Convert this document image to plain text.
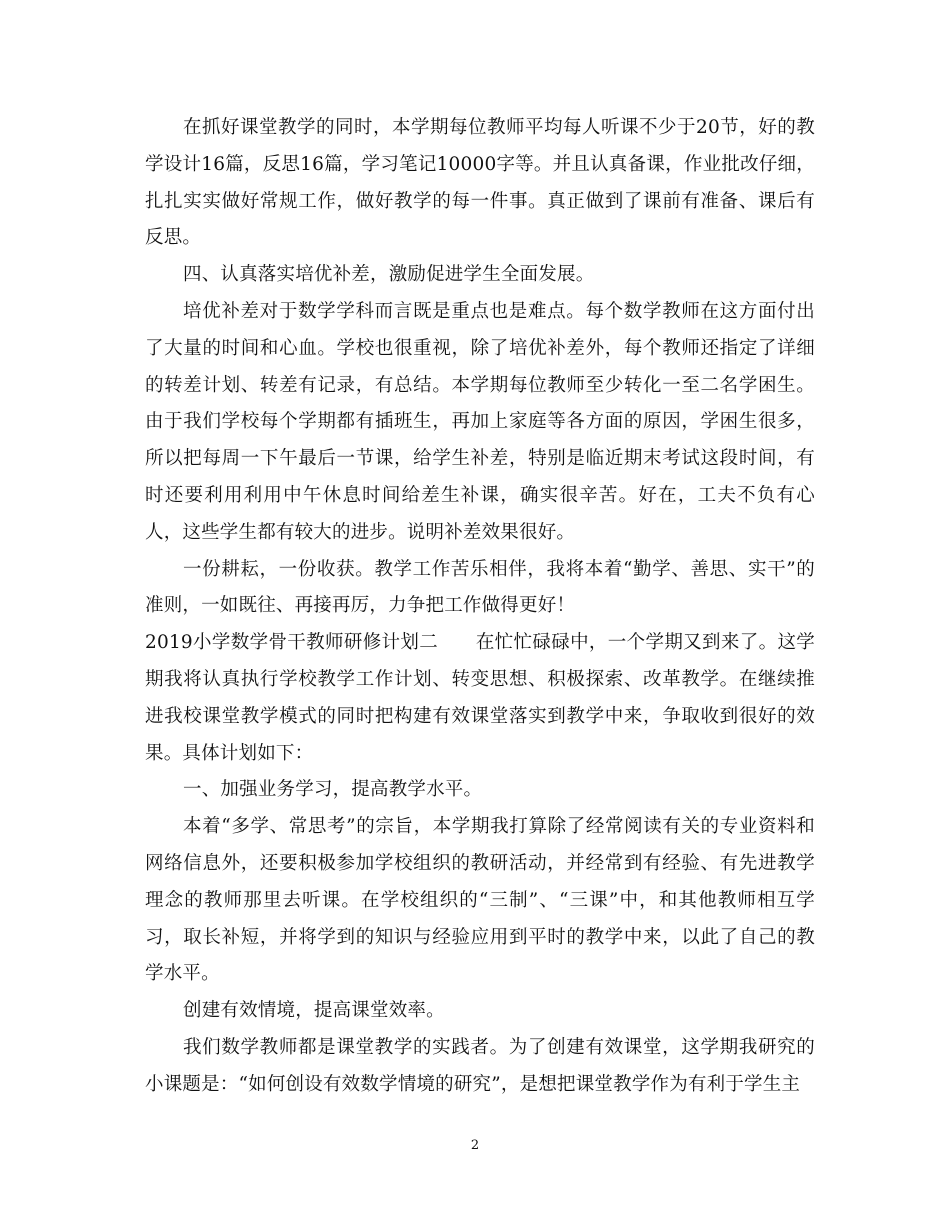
在抓好课堂教学的同时，本学期每位教师平均每人听课不少于20节，好的教学设计16篇，反思16篇，学习笔记10000字等。并且认真备课，作业批改仔细，扎扎实实做好常规工作，做好教学的每一件事。真正做到了课前有准备、课后有反思。

四、认真落实培优补差，激励促进学生全面发展。

培优补差对于数学学科而言既是重点也是难点。每个数学教师在这方面付出了大量的时间和心血。学校也很重视，除了培优补差外，每个教师还指定了详细的转差计划、转差有记录，有总结。本学期每位教师至少转化一至二名学困生。由于我们学校每个学期都有插班生，再加上家庭等各方面的原因，学困生很多，所以把每周一下午最后一节课，给学生补差，特别是临近期末考试这段时间，有时还要利用利用中午休息时间给差生补课，确实很辛苦。好在，工夫不负有心人，这些学生都有较大的进步。说明补差效果很好。

一份耕耘，一份收获。教学工作苦乐相伴，我将本着“勤学、善思、实干”的准则，一如既往、再接再厉，力争把工作做得更好！

2019小学数学骨干教师研修计划二　　在忙忙碌碌中，一个学期又到来了。这学期我将认真执行学校教学工作计划、转变思想、积极探索、改革教学。在继续推进我校课堂教学模式的同时把构建有效课堂落实到教学中来，争取收到很好的效果。具体计划如下：

一、加强业务学习，提高教学水平。

本着“多学、常思考”的宗旨，本学期我打算除了经常阅读有关的专业资料和网络信息外，还要积极参加学校组织的教研活动，并经常到有经验、有先进教学理念的教师那里去听课。在学校组织的“三制”、“三课”中，和其他教师相互学习，取长补短，并将学到的知识与经验应用到平时的教学中来，以此了自己的教学水平。

创建有效情境，提高课堂效率。

我们数学教师都是课堂教学的实践者。为了创建有效课堂，这学期我研究的小课题是：“如何创设有效数学情境的研究”，是想把课堂教学作为有利于学生主

2
